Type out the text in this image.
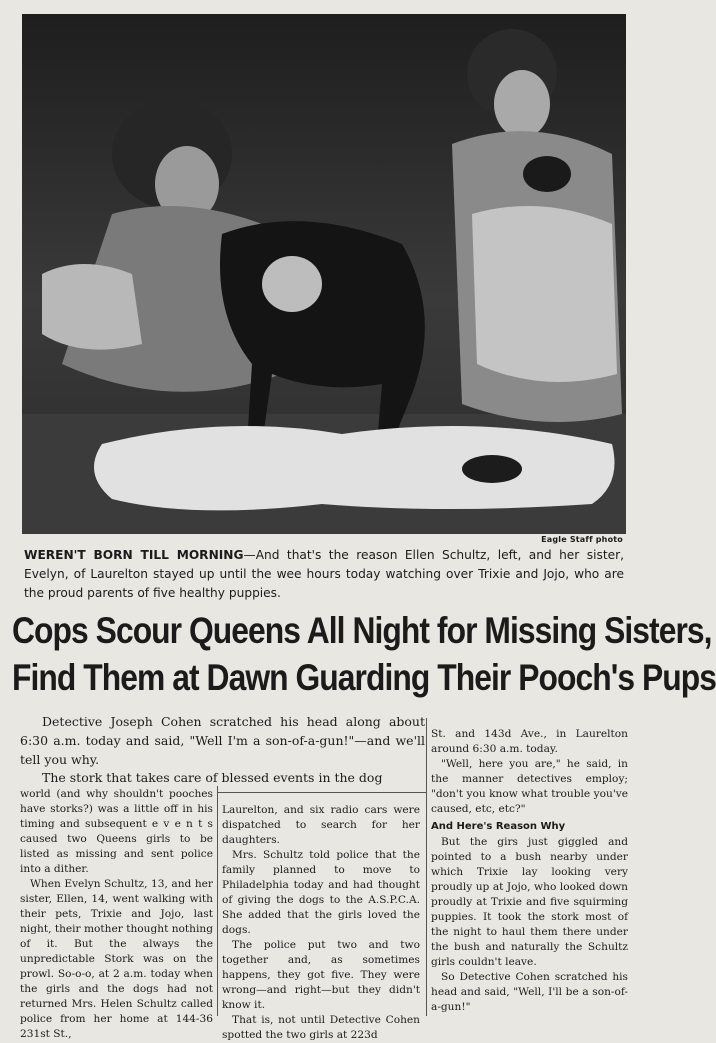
Eagle Staff photo
WEREN'T BORN TILL MORNING—And that's the reason Ellen Schultz, left, and her sister, Evelyn, of Laurelton stayed up until the wee hours today watching over Trixie and Jojo, who are the proud parents of five healthy puppies.
Cops Scour Queens All Night for Missing Sisters,
Find Them at Dawn Guarding Their Pooch's Pups

Detective Joseph Cohen scratched his head along about 6:30 a.m. today and said, "Well I'm a son-of-a-gun!"—and we'll tell you why.

The stork that takes care of blessed events in the dog

world (and why shouldn't pooches have storks?) was a little off in his timing and subsequent e v e n t s caused two Queens girls to be listed as missing and sent police into a dither.

When Evelyn Schultz, 13, and her sister, Ellen, 14, went walking with their pets, Trixie and Jojo, last night, their mother thought nothing of it. But the always the unpredictable Stork was on the prowl. So-o-o, at 2 a.m. today when the girls and the dogs had not returned Mrs. Helen Schultz called police from her home at 144-36 231st St.,

Laurelton, and six radio cars were dispatched to search for her daughters.

Mrs. Schultz told police that the family planned to move to Philadelphia today and had thought of giving the dogs to the A.S.P.C.A. She added that the girls loved the dogs.

The police put two and two together and, as sometimes happens, they got five. They were wrong—and right—but they didn't know it.

That is, not until Detective Cohen spotted the two girls at 223d

St. and 143d Ave., in Laurelton around 6:30 a.m. today.

"Well, here you are," he said, in the manner detectives employ; "don't you know what trouble you've caused, etc, etc?"

And Here's Reason Why

But the girs just giggled and pointed to a bush nearby under which Trixie lay looking very proudly up at Jojo, who looked down proudly at Trixie and five squirming puppies. It took the stork most of the night to haul them there under the bush and naturally the Schultz girls couldn't leave.

So Detective Cohen scratched his head and said, "Well, I'll be a son-of-a-gun!"
